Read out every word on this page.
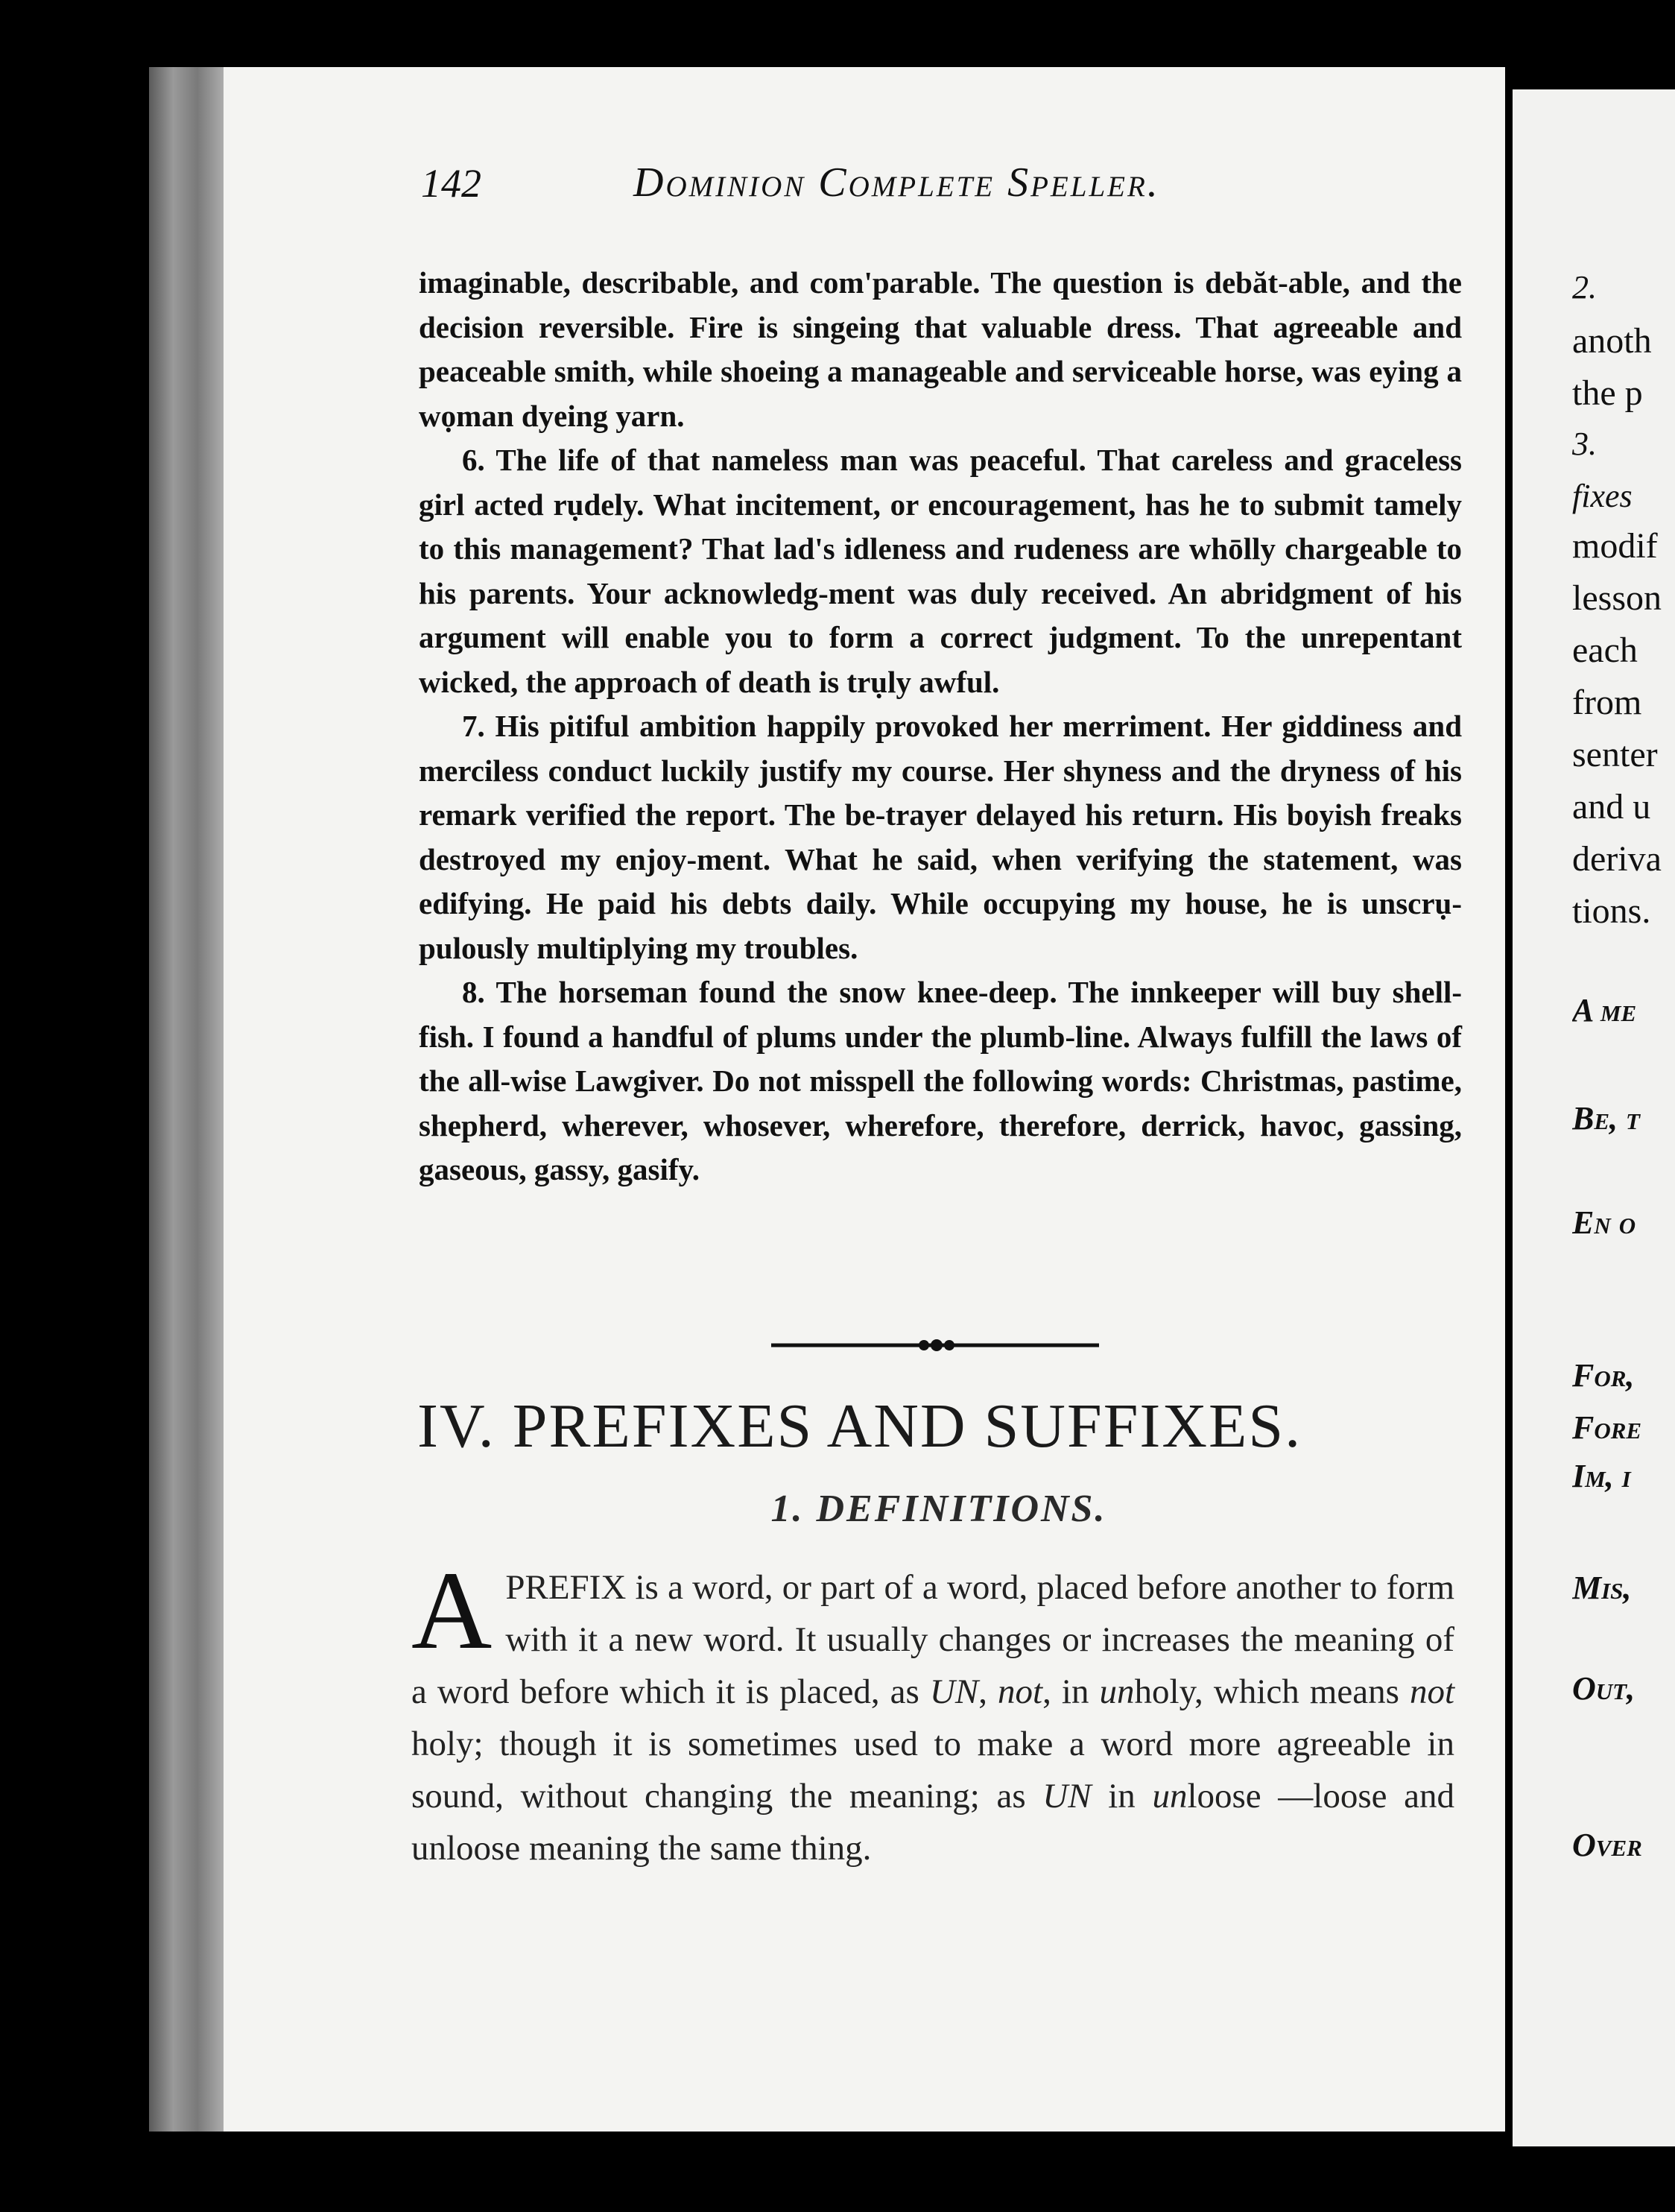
142	Dominion Complete Speller.

imaginable, describable, and com'parable. The question is debăt-able, and the decision reversible. Fire is singeing that valuable dress. That agreeable and peaceable smith, while shoeing a manageable and serviceable horse, was eying a wọman dyeing yarn.

6. The life of that nameless man was peaceful. That careless and graceless girl acted rụdely. What incitement, or encouragement, has he to submit tamely to this management? That lad's idleness and rudeness are whōlly chargeable to his parents. Your acknowledg-ment was duly received. An abridgment of his argument will enable you to form a correct judgment. To the unrepentant wicked, the approach of death is trụly awful.

7. His pitiful ambition happily provoked her merriment. Her giddiness and merciless conduct luckily justify my course. Her shyness and the dryness of his remark verified the report. The be-trayer delayed his return. His boyish freaks destroyed my enjoy-ment. What he said, when verifying the statement, was edifying. He paid his debts daily. While occupying my house, he is unscrụ-pulously multiplying my troubles.

8. The horseman found the snow knee-deep. The innkeeper will buy shell-fish. I found a handful of plums under the plumb-line. Always fulfill the laws of the all-wise Lawgiver. Do not misspell the following words: Christmas, pastime, shepherd, wherever, whosever, wherefore, therefore, derrick, havoc, gassing, gaseous, gassy, gasify.

IV. PREFIXES AND SUFFIXES.
1. DEFINITIONS.
A PREFIX is a word, or part of a word, placed before another to form with it a new word. It usually changes or increases the meaning of a word before which it is placed, as UN, not, in unholy, which means not holy; though it is sometimes used to make a word more agreeable in sound, without changing the meaning; as UN in unloose —loose and unloose meaning the same thing.
2.
anoth
the p
3.
fixes
modif
lesson
each
from
senter
and u
deriva
tions.
A me
Be, t
En o
For,
Fore
Im, i
Mis,
Out,
Over
